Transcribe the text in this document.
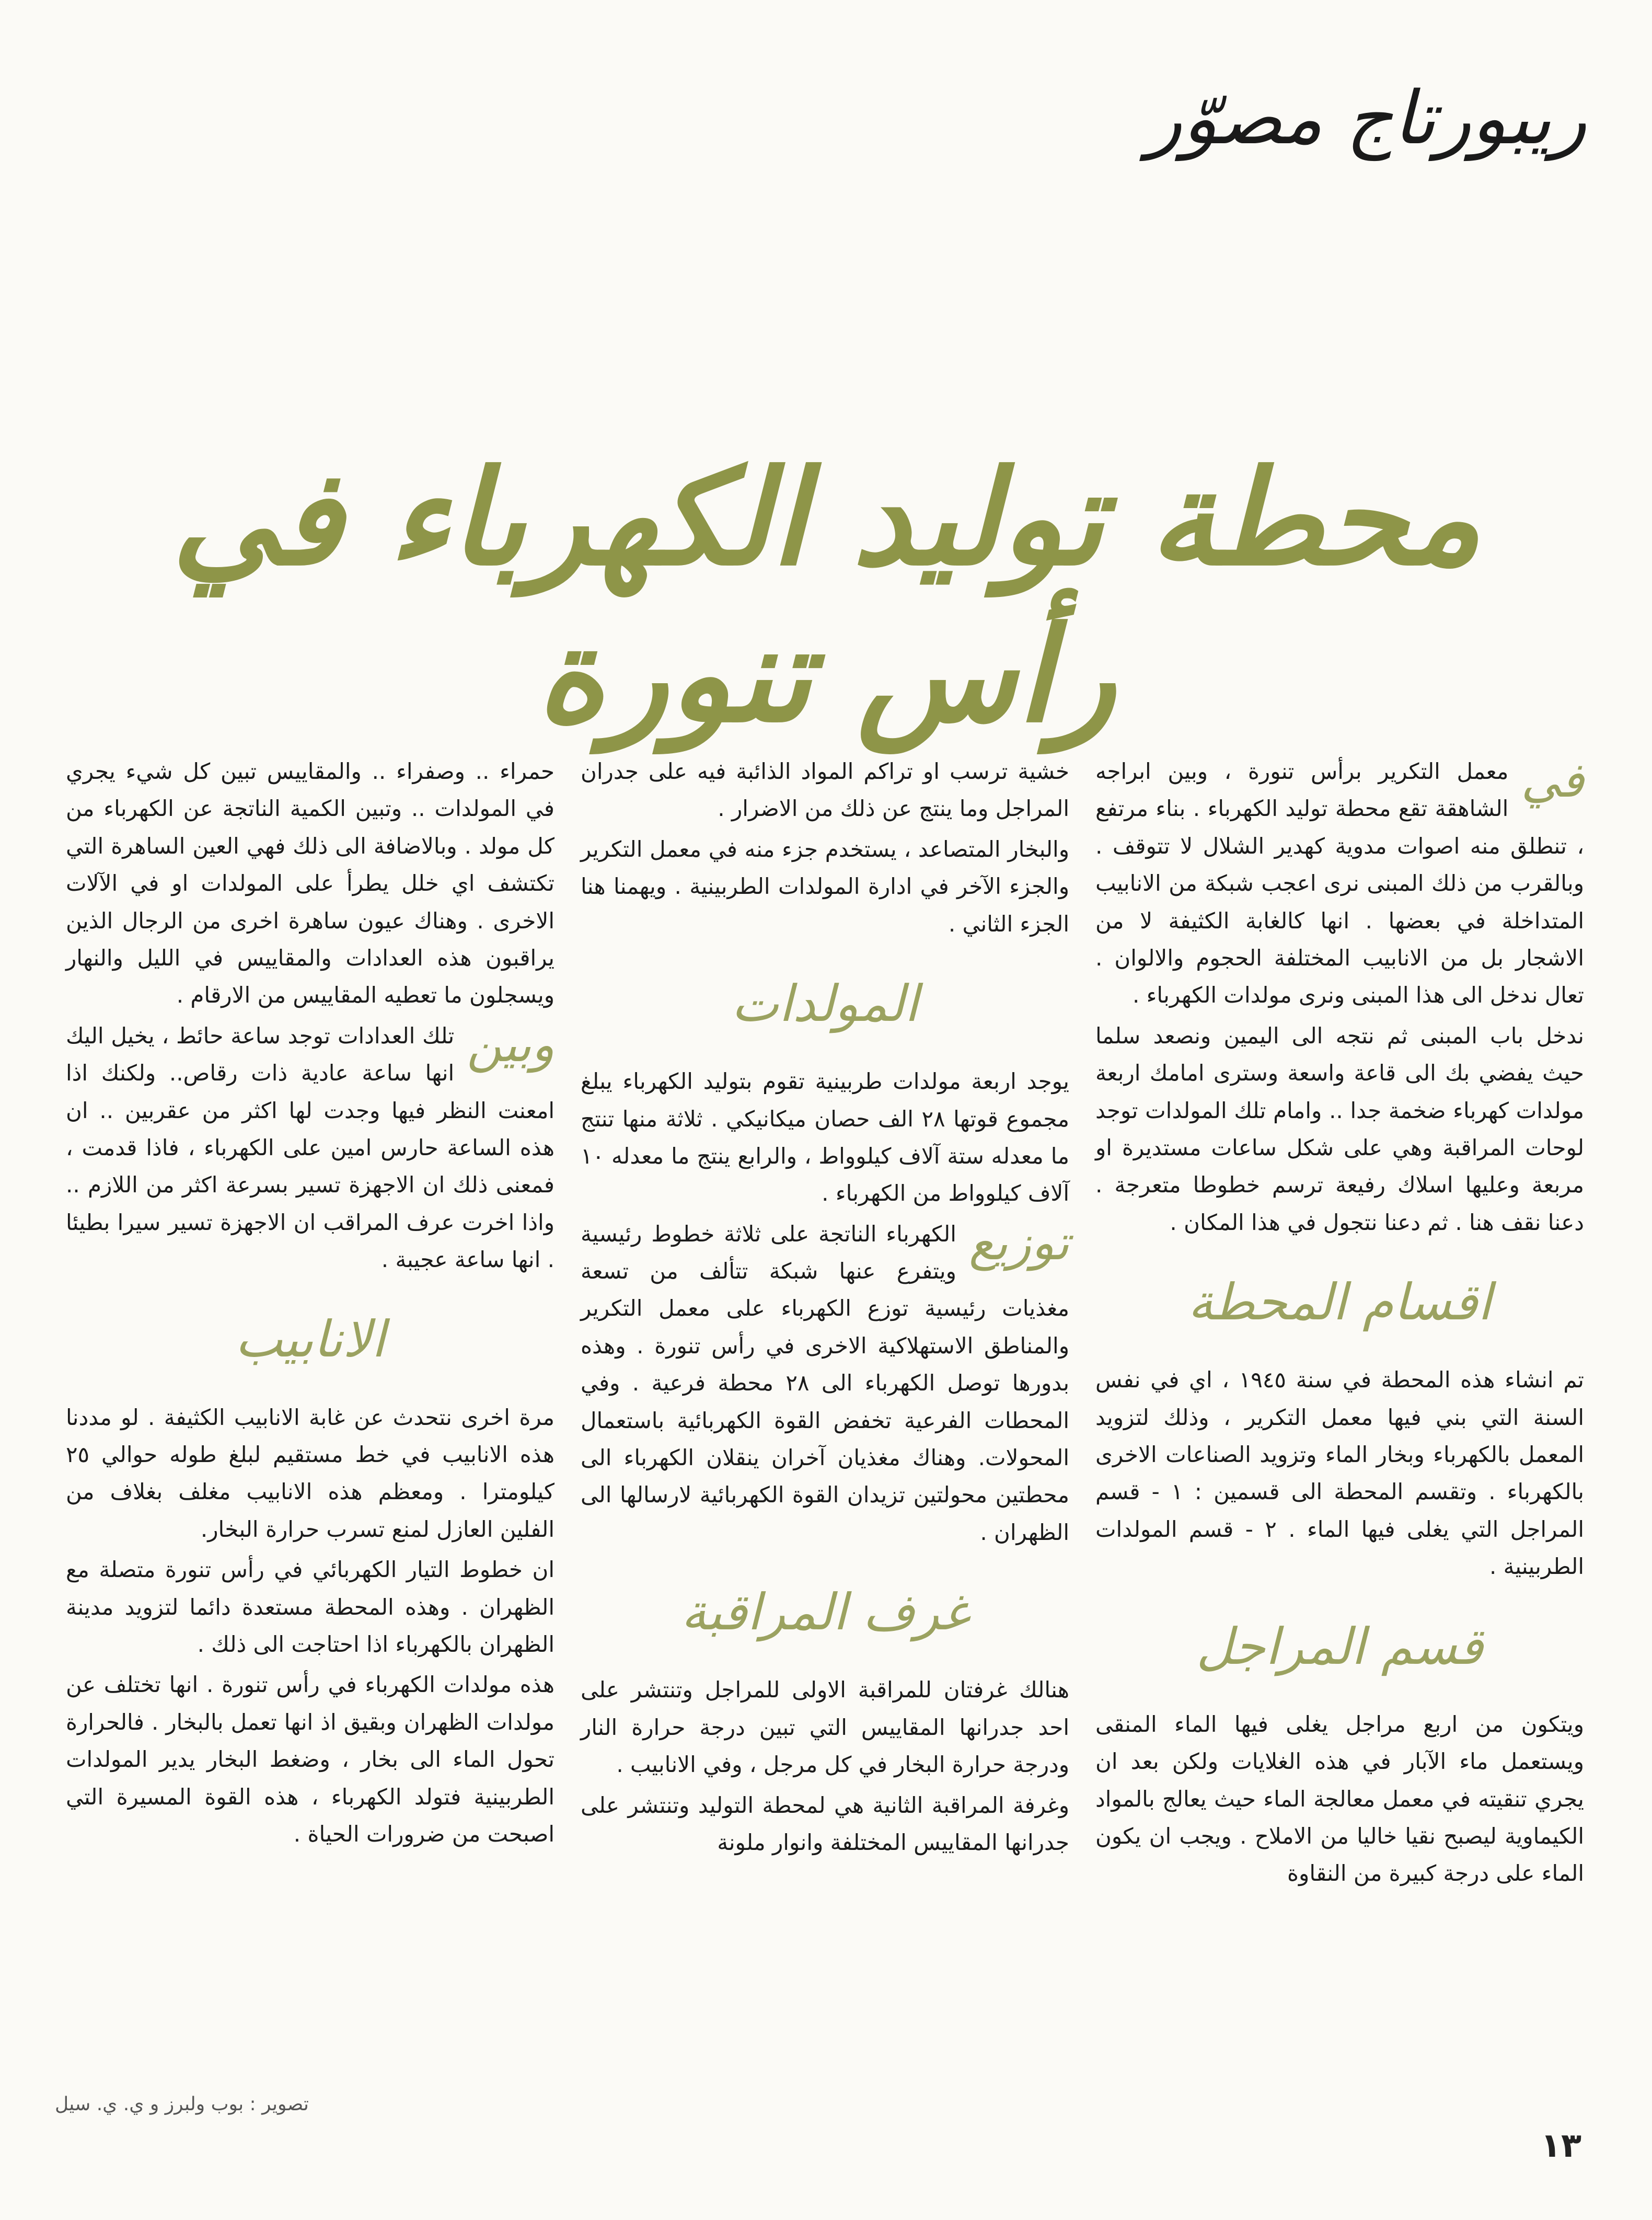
ريبورتاج مصوّر
محطة توليد الكهرباء في رأس تنورة
في

معمل التكرير برأس تنورة ، وبين ابراجه الشاهقة تقع محطة توليد الكهرباء . بناء مرتفع ، تنطلق منه اصوات مدوية كهدير الشلال لا تتوقف . وبالقرب من ذلك المبنى نرى اعجب شبكة من الانابيب المتداخلة في بعضها . انها كالغابة الكثيفة لا من الاشجار بل من الانابيب المختلفة الحجوم والالوان . تعال ندخل الى هذا المبنى ونرى مولدات الكهرباء .

ندخل باب المبنى ثم نتجه الى اليمين ونصعد سلما حيث يفضي بك الى قاعة واسعة وسترى امامك اربعة مولدات كهرباء ضخمة جدا .. وامام تلك المولدات توجد لوحات المراقبة وهي على شكل ساعات مستديرة او مربعة وعليها اسلاك رفيعة ترسم خطوطا متعرجة . دعنا نقف هنا . ثم دعنا نتجول في هذا المكان .

اقسام المحطة

تم انشاء هذه المحطة في سنة ١٩٤٥ ، اي في نفس السنة التي بني فيها معمل التكرير ، وذلك لتزويد المعمل بالكهرباء وبخار الماء وتزويد الصناعات الاخرى بالكهرباء . وتقسم المحطة الى قسمين : ١ - قسم المراجل التي يغلى فيها الماء . ٢ - قسم المولدات الطربينية .

قسم المراجل

ويتكون من اربع مراجل يغلى فيها الماء المنقى ويستعمل ماء الآبار في هذه الغلايات ولكن بعد ان يجري تنقيته في معمل معالجة الماء حيث يعالج بالمواد الكيماوية ليصبح نقيا خاليا من الاملاح . ويجب ان يكون الماء على درجة كبيرة من النقاوة

خشية ترسب او تراكم المواد الذائبة فيه على جدران المراجل وما ينتج عن ذلك من الاضرار .

والبخار المتصاعد ، يستخدم جزء منه في معمل التكرير والجزء الآخر في ادارة المولدات الطربينية . ويهمنا هنا الجزء الثاني .

المولدات

يوجد اربعة مولدات طربينية تقوم بتوليد الكهرباء يبلغ مجموع قوتها ٢٨ الف حصان ميكانيكي . ثلاثة منها تنتج ما معدله ستة آلاف كيلوواط ، والرابع ينتج ما معدله ١٠ آلاف كيلوواط من الكهرباء .

توزيع

الكهرباء الناتجة على ثلاثة خطوط رئيسية ويتفرع عنها شبكة تتألف من تسعة مغذيات رئيسية توزع الكهرباء على معمل التكرير والمناطق الاستهلاكية الاخرى في رأس تنورة . وهذه بدورها توصل الكهرباء الى ٢٨ محطة فرعية . وفي المحطات الفرعية تخفض القوة الكهربائية باستعمال المحولات. وهناك مغذيان آخران ينقلان الكهرباء الى محطتين محولتين تزيدان القوة الكهربائية لارسالها الى الظهران .

غرف المراقبة

هنالك غرفتان للمراقبة الاولى للمراجل وتنتشر على احد جدرانها المقاييس التي تبين درجة حرارة النار ودرجة حرارة البخار في كل مرجل ، وفي الانابيب .

وغرفة المراقبة الثانية هي لمحطة التوليد وتنتشر على جدرانها المقاييس المختلفة وانوار ملونة

حمراء .. وصفراء .. والمقاييس تبين كل شيء يجري في المولدات .. وتبين الكمية الناتجة عن الكهرباء من كل مولد . وبالاضافة الى ذلك فهي العين الساهرة التي تكتشف اي خلل يطرأ على المولدات او في الآلات الاخرى . وهناك عيون ساهرة اخرى من الرجال الذين يراقبون هذه العدادات والمقاييس في الليل والنهار ويسجلون ما تعطيه المقاييس من الارقام .

وبين

تلك العدادات توجد ساعة حائط ، يخيل اليك انها ساعة عادية ذات رقاص.. ولكنك اذا امعنت النظر فيها وجدت لها اكثر من عقربين .. ان هذه الساعة حارس امين على الكهرباء ، فاذا قدمت ، فمعنى ذلك ان الاجهزة تسير بسرعة اكثر من اللازم .. واذا اخرت عرف المراقب ان الاجهزة تسير سيرا بطيئا . انها ساعة عجيبة .

الانابيب

مرة اخرى نتحدث عن غابة الانابيب الكثيفة . لو مددنا هذه الانابيب في خط مستقيم لبلغ طوله حوالي ٢٥ كيلومترا . ومعظم هذه الانابيب مغلف بغلاف من الفلين العازل لمنع تسرب حرارة البخار.

ان خطوط التيار الكهربائي في رأس تنورة متصلة مع الظهران . وهذه المحطة مستعدة دائما لتزويد مدينة الظهران بالكهرباء اذا احتاجت الى ذلك .

هذه مولدات الكهرباء في رأس تنورة . انها تختلف عن مولدات الظهران وبقيق اذ انها تعمل بالبخار . فالحرارة تحول الماء الى بخار ، وضغط البخار يدير المولدات الطربينية فتولد الكهرباء ، هذه القوة المسيرة التي اصبحت من ضرورات الحياة .

تصوير : بوب ولبرز و ي. ي. سيل
١٣
